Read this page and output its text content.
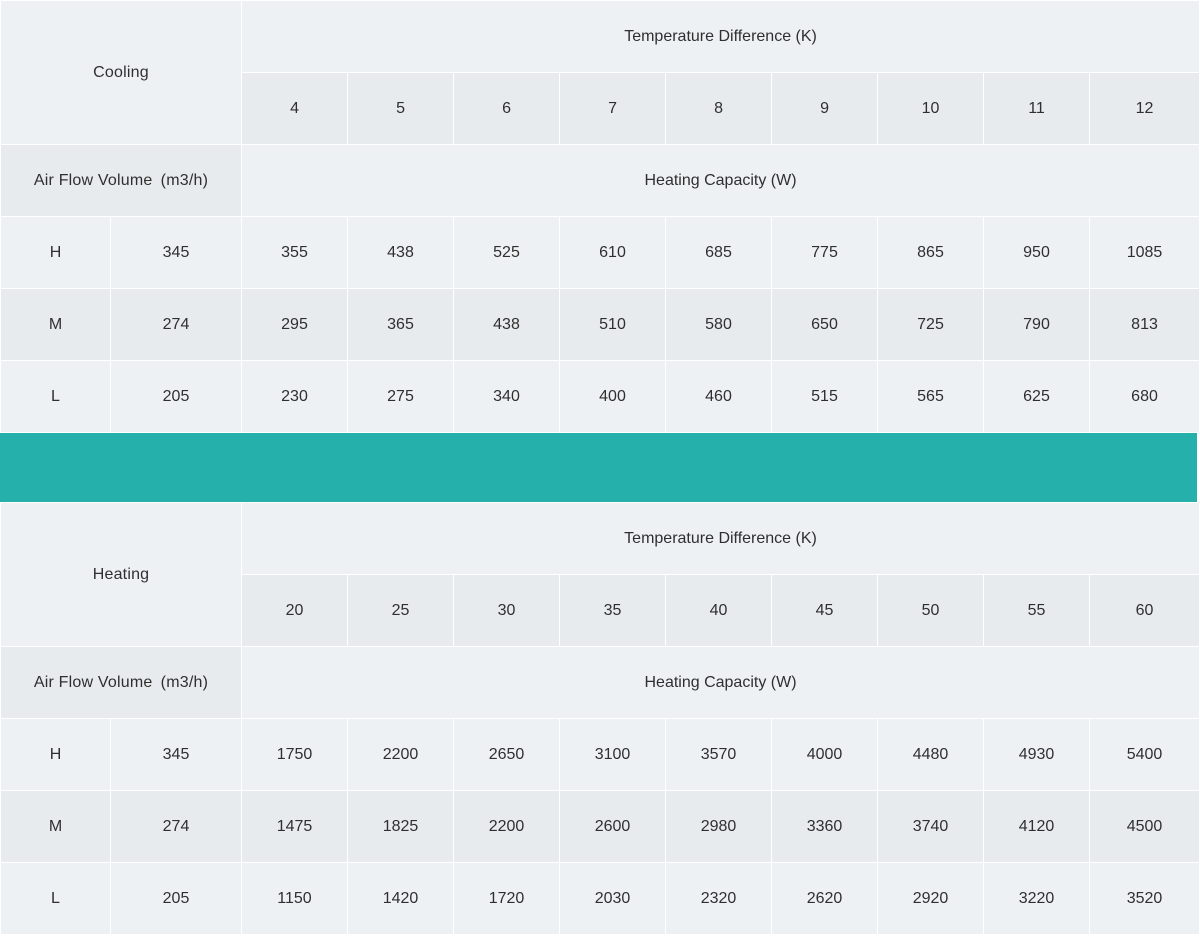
Cooling		Temperature Difference (K)								
		4	5	6	7	8	9	10	11	12
Air Flow Volume (m3/h)		Heating Capacity (W)								
H	345	355	438	525	610	685	775	865	950	1085
M	274	295	365	438	510	580	650	725	790	813
L	205	230	275	340	400	460	515	565	625	680
Heating		Temperature Difference (K)								
		20	25	30	35	40	45	50	55	60
Air Flow Volume (m3/h)		Heating Capacity (W)								
H	345	1750	2200	2650	3100	3570	4000	4480	4930	5400
M	274	1475	1825	2200	2600	2980	3360	3740	4120	4500
L	205	1150	1420	1720	2030	2320	2620	2920	3220	3520
